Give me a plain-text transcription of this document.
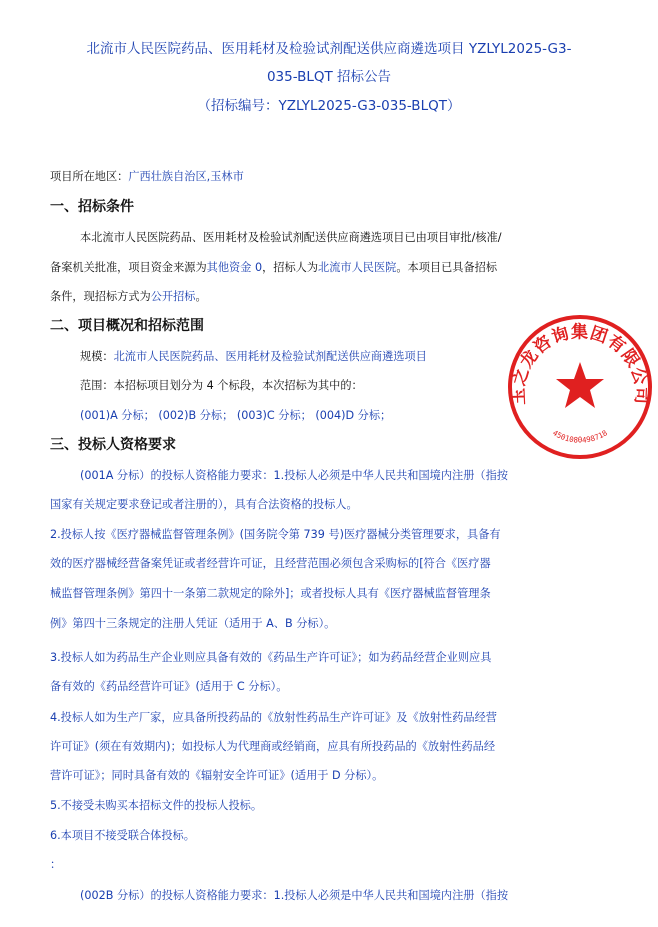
北流市人民医院药品、医用耗材及检验试剂配送供应商遴选项目 YZLYL2025-G3-
035-BLQT 招标公告
（招标编号：YZLYL2025-G3-035-BLQT）
项目所在地区：广西壮族自治区,玉林市
一、招标条件
本北流市人民医院药品、医用耗材及检验试剂配送供应商遴选项目已由项目审批/核准/
备案机关批准，项目资金来源为其他资金 0，招标人为北流市人民医院。本项目已具备招标
条件，现招标方式为公开招标。
二、项目概况和招标范围
规模：北流市人民医院药品、医用耗材及检验试剂配送供应商遴选项目
范围：本招标项目划分为 4 个标段，本次招标为其中的：
(001)A 分标； (002)B 分标； (003)C 分标； (004)D 分标；
三、投标人资格要求
(001A 分标）的投标人资格能力要求：1.投标人必须是中华人民共和国境内注册（指按
国家有关规定要求登记或者注册的），具有合法资格的投标人。
2.投标人按《医疗器械监督管理条例》(国务院令第 739 号)医疗器械分类管理要求，具备有
效的医疗器械经营备案凭证或者经营许可证，且经营范围必须包含采购标的[符合《医疗器
械监督管理条例》第四十一条第二款规定的除外]；或者投标人具有《医疗器械监督管理条
例》第四十三条规定的注册人凭证（适用于 A、B 分标）。
3.投标人如为药品生产企业则应具备有效的《药品生产许可证》；如为药品经营企业则应具
备有效的《药品经营许可证》(适用于 C 分标）。
4.投标人如为生产厂家，应具备所投药品的《放射性药品生产许可证》及《放射性药品经营
许可证》(须在有效期内)；如投标人为代理商或经销商，应具有所投药品的《放射性药品经
营许可证》；同时具备有效的《辐射安全许可证》(适用于 D 分标）。
5.不接受未购买本招标文件的投标人投标。
6.本项目不接受联合体投标。
：
(002B 分标）的投标人资格能力要求：1.投标人必须是中华人民共和国境内注册（指按
玉之龙咨询集团有限公司
4501080498718
